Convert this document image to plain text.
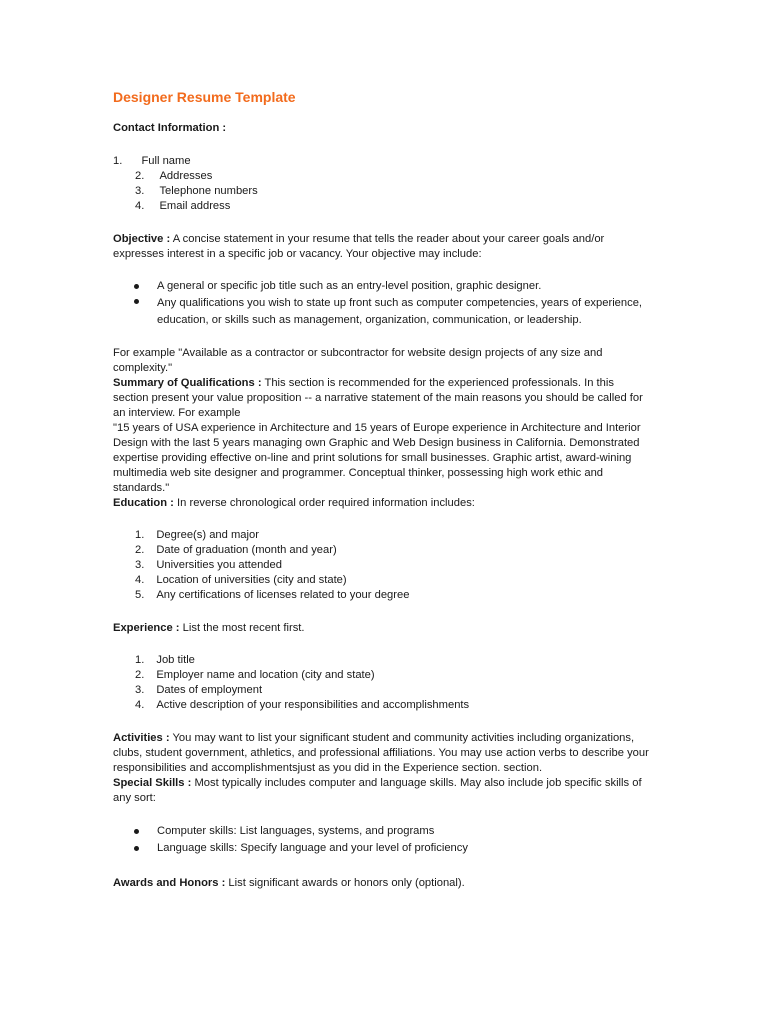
Designer Resume Template
Contact Information :
1. Full name
2. Addresses
3. Telephone numbers
4. Email address

Objective : A concise statement in your resume that tells the reader about your career goals and/or

expresses interest in a specific job or vacancy. Your objective may include:

A general or specific job title such as an entry-level position, graphic designer.
Any qualifications you wish to state up front such as computer competencies, years of experience,
education, or skills such as management, organization, communication, or leadership.

For example "Available as a contractor or subcontractor for website design projects of any size and

complexity."

Summary of Qualifications : This section is recommended for the experienced professionals. In this

section present your value proposition -- a narrative statement of the main reasons you should be called for

an interview. For example

"15 years of USA experience in Architecture and 15 years of Europe experience in Architecture and Interior

Design with the last 5 years managing own Graphic and Web Design business in California. Demonstrated

expertise providing effective on-line and print solutions for small businesses. Graphic artist, award-wining

multimedia web site designer and programmer. Conceptual thinker, possessing high work ethic and

standards."

Education : In reverse chronological order required information includes:

1. Degree(s) and major
2. Date of graduation (month and year)
3. Universities you attended
4. Location of universities (city and state)
5. Any certifications of licenses related to your degree

Experience : List the most recent first.

1. Job title
2. Employer name and location (city and state)
3. Dates of employment
4. Active description of your responsibilities and accomplishments

Activities : You may want to list your significant student and community activities including organizations,

clubs, student government, athletics, and professional affiliations. You may use action verbs to describe your

responsibilities and accomplishmentsjust as you did in the Experience section. section.

Special Skills : Most typically includes computer and language skills. May also include job specific skills of

any sort:

Computer skills: List languages, systems, and programs
Language skills: Specify language and your level of proficiency

Awards and Honors : List significant awards or honors only (optional).
